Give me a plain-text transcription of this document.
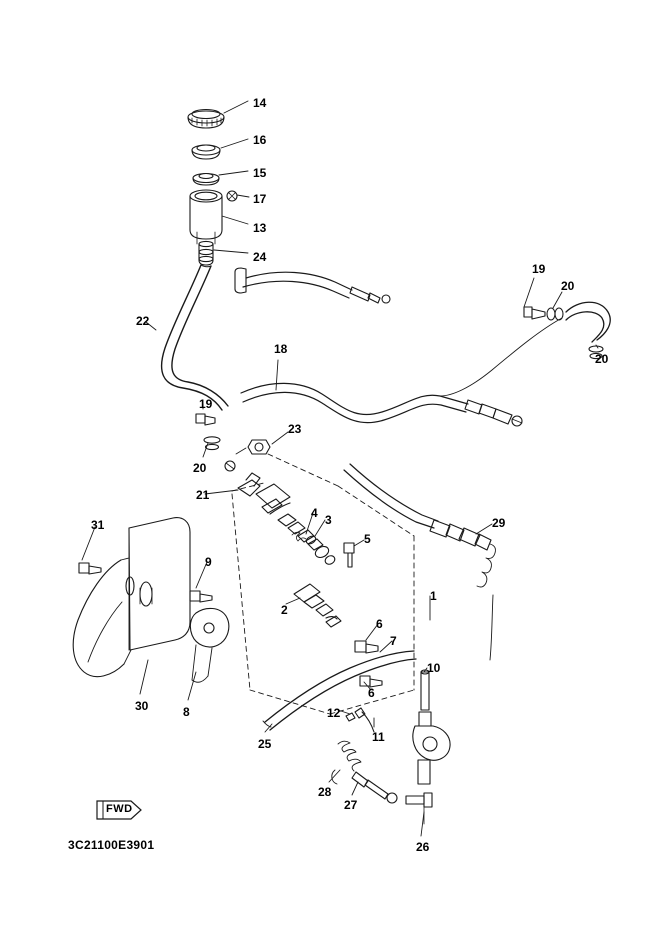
FWD
3C21100E3901
14
16
15
17
13
24
22
19
20
20
18
19
23
20
21
4 3
5
29
31
9
1
2
6
7
10
6
30	8	12
11
25
28
27
26
